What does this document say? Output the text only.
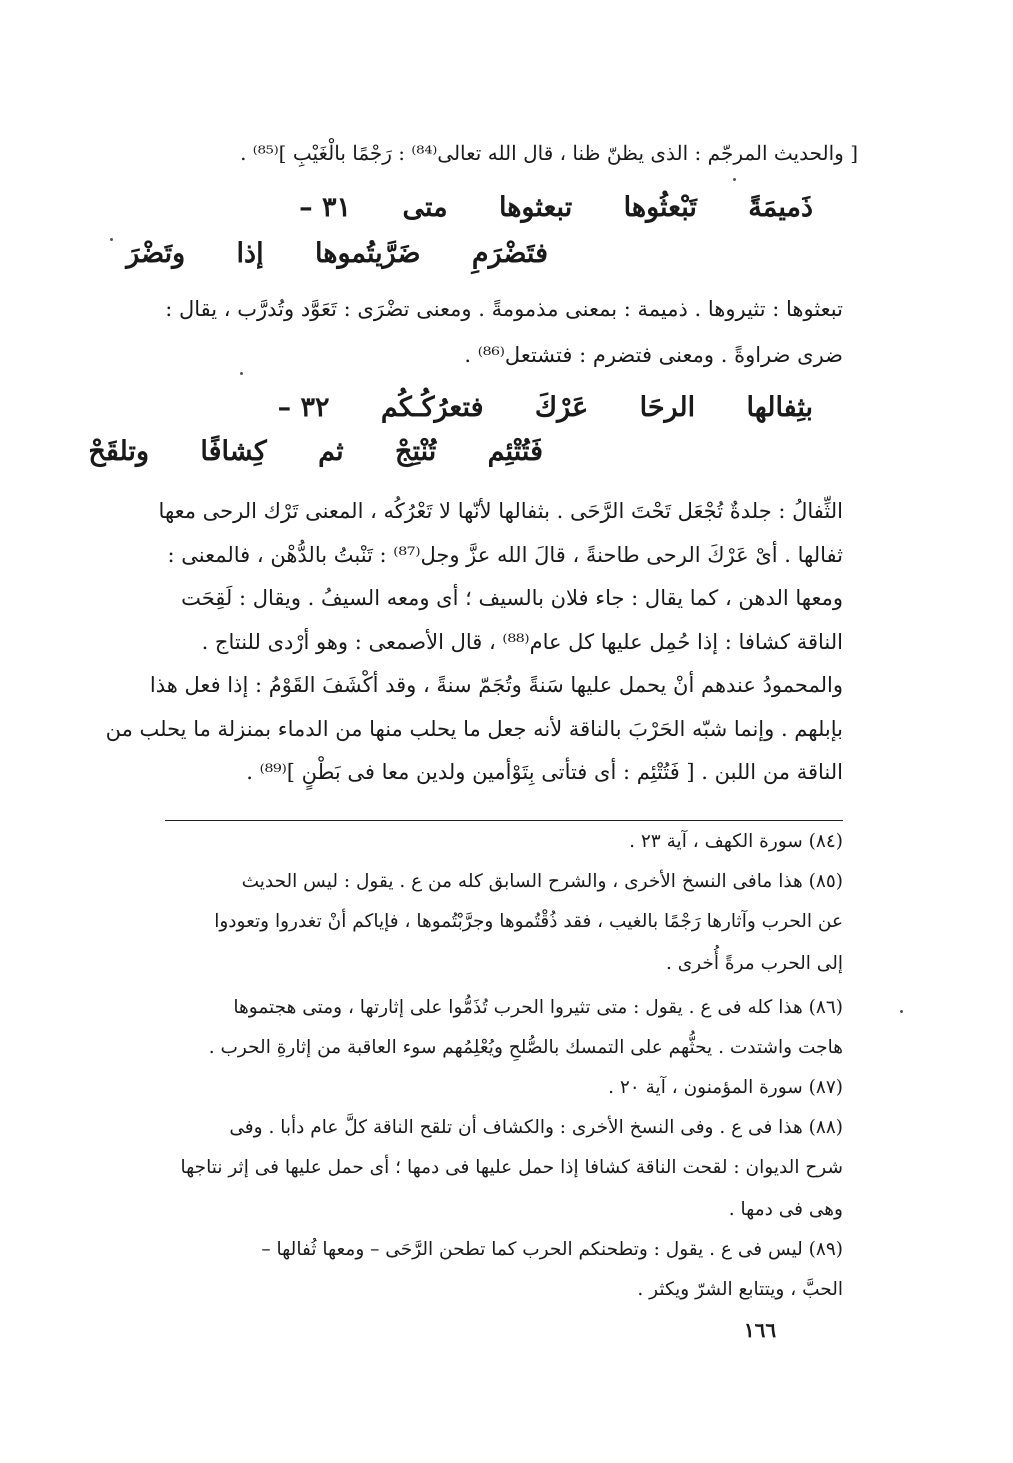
[ والحديث المرجّم : الذى يظنّ ظنا ، قال الله تعالى⁽⁸⁴⁾ : رَجْمًا بالْغَيْبِ ]⁽⁸⁵⁾ .
٣١ – متى تبعثوها تَبْعثُوها ذَميمَةً
وتَضْرَ إذا ضَرَّيتُموها فتَضْرَمِ
تبعثوها : تثيروها . ذميمة : بمعنى مذمومةً . ومعنى تضْرَى : تَعَوَّد وتُدرَّب ، يقال :
ضرى ضراوةً . ومعنى فتضرم : فتشتعل⁽⁸⁶⁾ .
٣٢ – فتعرُكُـكُم عَرْكَ الرحَا بثِفالها
وتلقَحْ كِشافًا ثم تُنْتِجْ فَتُتْئِم
الثِّفالُ : جلدةٌ تُجْعَل تَحْتَ الرَّحَى . بثفالها لأنّها لا تَعْرُكُه ، المعنى تَرْك الرحى معها
ثفالها . أىْ عَرْكَ الرحى طاحنةً ، قالَ الله عزَّ وجل⁽⁸⁷⁾ : تَنْبتُ بالدُّهْن ، فالمعنى :
ومعها الدهن ، كما يقال : جاء فلان بالسيف ؛ أى ومعه السيفُ . ويقال : لَقِحَت
الناقة كشافا : إذا حُمِل عليها كل عام⁽⁸⁸⁾ ، قال الأصمعى : وهو أرْدى للنتاج .
والمحمودُ عندهم أنْ يحمل عليها سَنةً وتُجَمّ سنةً ، وقد أكْشَفَ القَوْمُ : إذا فعل هذا
بإبلهم . وإنما شبّه الحَرْبَ بالناقة لأنه جعل ما يحلب منها من الدماء بمنزلة ما يحلب من
الناقة من اللبن . [ فَتُتْئِم : أى فتأتى بِتَوْأمين ولدين معا فى بَطْنٍ ]⁽⁸⁹⁾ .
(٨٤) سورة الكهف ، آية ٢٣ .
(٨٥) هذا مافى النسخ الأخرى ، والشرح السابق كله من ع . يقول : ليس الحديث
عن الحرب وآثارها رَجْمًا بالغيب ، فقد ذُقْتُموها وجرَّبْتُموها ، فإياكم أنْ تغدروا وتعودوا
إلى الحرب مرةً أُخرى .
(٨٦) هذا كله فى ع . يقول : متى تثيروا الحرب تُذَمُّوا على إثارتها ، ومتى هجتموها
هاجت واشتدت . يحثُّهم على التمسك بالصُّلحِ ويُعْلِمُهم سوء العاقبة من إثارةِ الحرب .
(٨٧) سورة المؤمنون ، آية ٢٠ .
(٨٨) هذا فى ع . وفى النسخ الأخرى : والكشاف أن تلقح الناقة كلَّ عام دأبا . وفى
شرح الديوان : لقحت الناقة كشافا إذا حمل عليها فى دمها ؛ أى حمل عليها فى إثر نتاجها
وهى فى دمها .
(٨٩) ليس فى ع . يقول : وتطحنكم الحرب كما تطحن الرَّحَى – ومعها ثُفالها –
الحبَّ ، ويتتابع الشرّ ويكثر .
١٦٦
